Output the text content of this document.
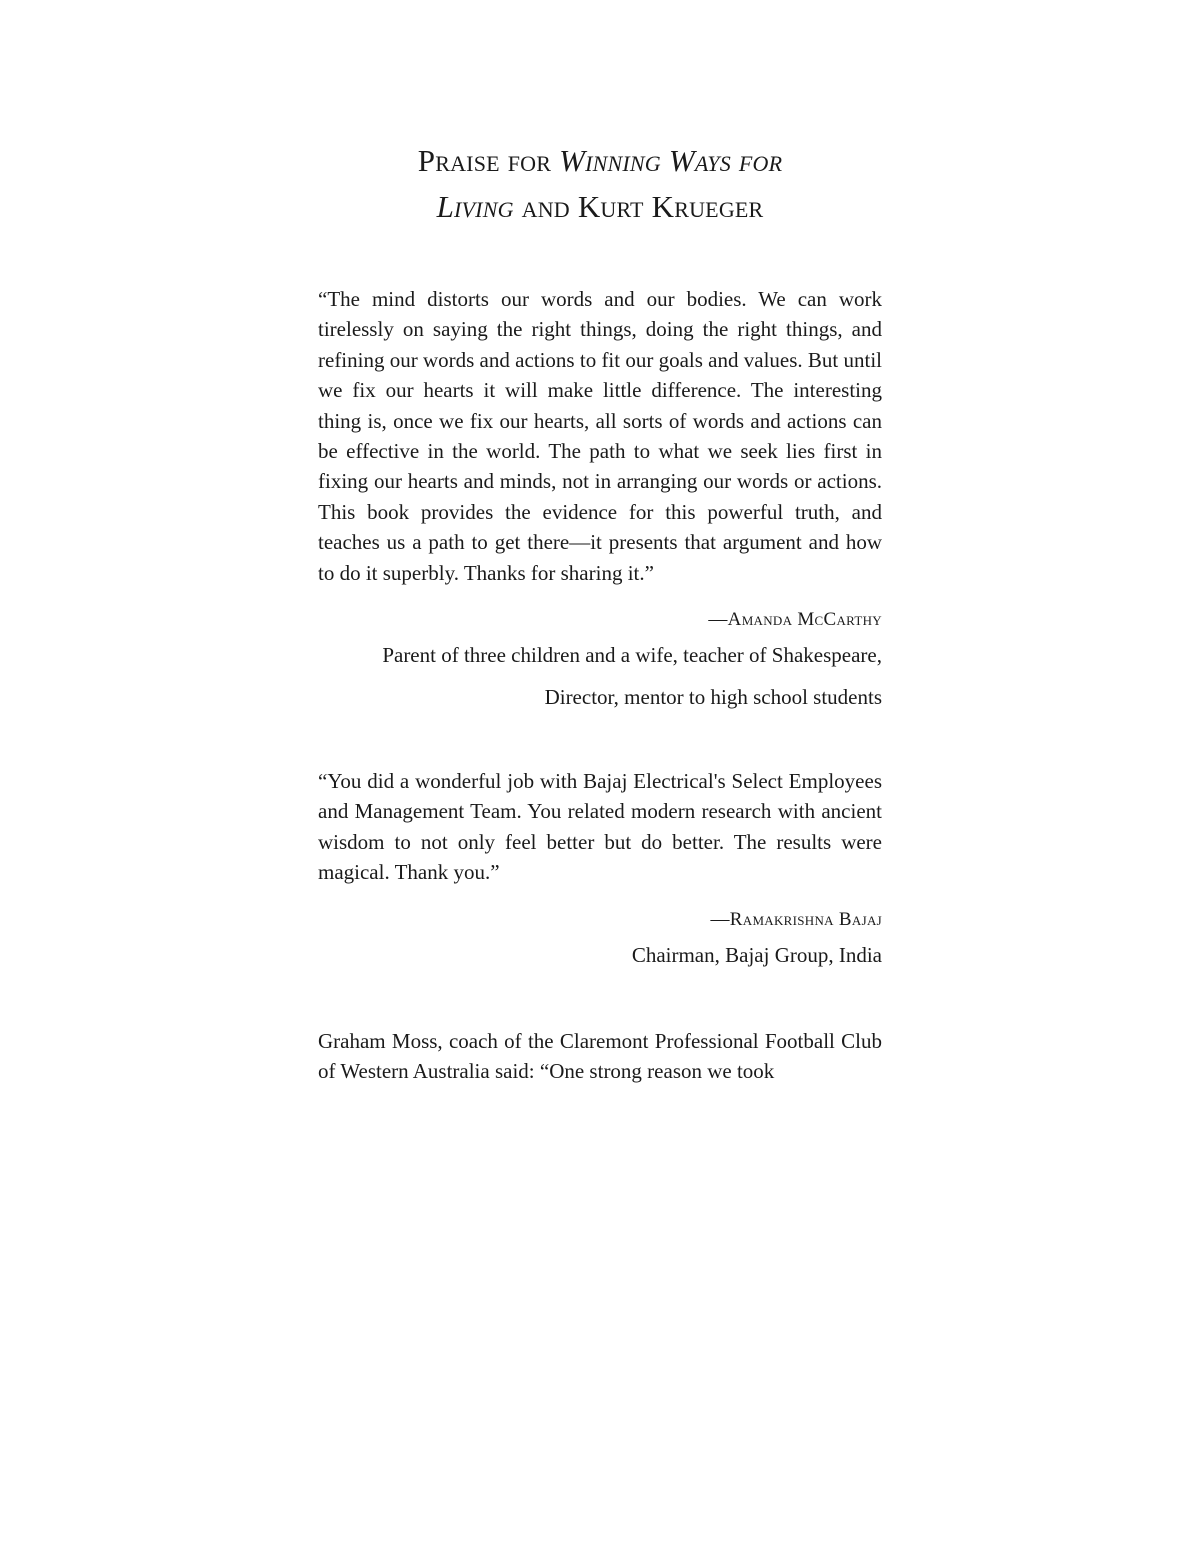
Praise for Winning Ways for
Living and Kurt Krueger

“The mind distorts our words and our bodies. We can work tirelessly on saying the right things, doing the right things, and refining our words and actions to fit our goals and values. But until we fix our hearts it will make little difference. The interesting thing is, once we fix our hearts, all sorts of words and actions can be effective in the world. The path to what we seek lies first in fixing our hearts and minds, not in arranging our words or actions. This book provides the evidence for this powerful truth, and teaches us a path to get there—it presents that argument and how to do it superbly. Thanks for sharing it.”

—Amanda McCarthy

Parent of three children and a wife, teacher of Shakespeare,

Director, mentor to high school students

“You did a wonderful job with Bajaj Electrical's Select Employees and Management Team. You related modern research with ancient wisdom to not only feel better but do better. The results were magical. Thank you.”

—Ramakrishna Bajaj

Chairman, Bajaj Group, India

Graham Moss, coach of the Claremont Professional Football Club of Western Australia said: “One strong reason we took
